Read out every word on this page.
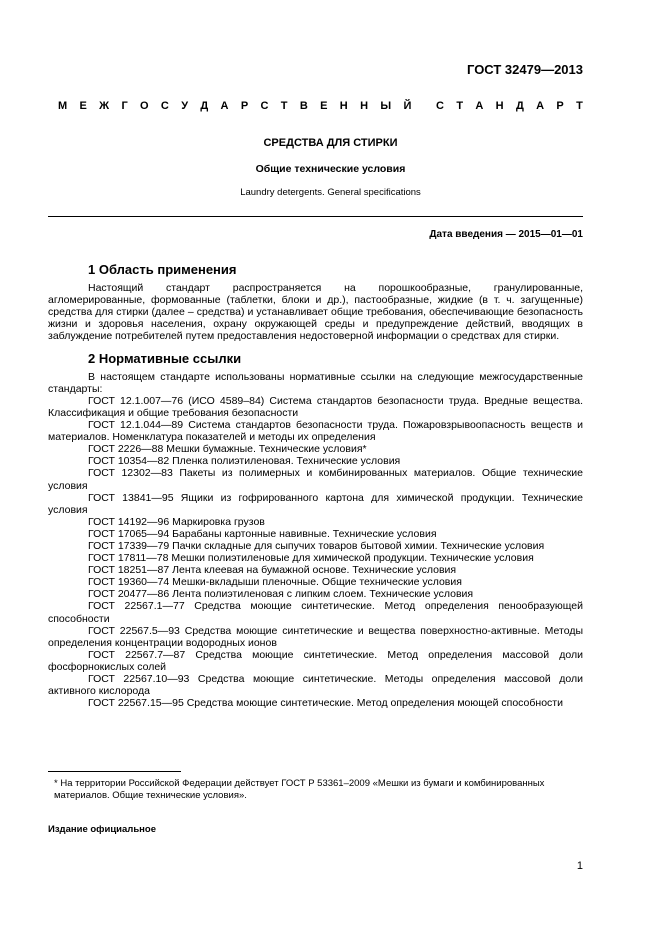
ГОСТ 32479—2013
М Е Ж Г О С У Д А Р С Т В Е Н Н Ы Й С Т А Н Д А Р Т
СРЕДСТВА ДЛЯ СТИРКИ
Общие технические условия
Laundry detergents. General specifications
Дата введения — 2015—01—01
1 Область применения

Настоящий стандарт распространяется на порошкообразные, гранулированные, агломерированные, формованные (таблетки, блоки и др.), пастообразные, жидкие (в т. ч. загущенные) средства для стирки (далее – средства) и устанавливает общие требования, обеспечивающие безопасность жизни и здоровья населения, охрану окружающей среды и предупреждение действий, вводящих в заблуждение потребителей путем предоставления недостоверной информации о средствах для стирки.

2 Нормативные ссылки

В настоящем стандарте использованы нормативные ссылки на следующие межгосударственные стандарты:

ГОСТ 12.1.007—76 (ИСО 4589–84) Система стандартов безопасности труда. Вредные вещества. Классификация и общие требования безопасности

ГОСТ 12.1.044—89 Система стандартов безопасности труда. Пожаровзрывоопасность веществ и материалов. Номенклатура показателей и методы их определения

ГОСТ 2226—88 Мешки бумажные. Технические условия*

ГОСТ 10354—82 Пленка полиэтиленовая. Технические условия

ГОСТ 12302—83 Пакеты из полимерных и комбинированных материалов. Общие технические условия

ГОСТ 13841—95 Ящики из гофрированного картона для химической продукции. Технические условия

ГОСТ 14192—96 Маркировка грузов

ГОСТ 17065—94 Барабаны картонные навивные. Технические условия

ГОСТ 17339—79 Пачки складные для сыпучих товаров бытовой химии. Технические условия

ГОСТ 17811—78 Мешки полиэтиленовые для химической продукции. Технические условия

ГОСТ 18251—87 Лента клеевая на бумажной основе. Технические условия

ГОСТ 19360—74 Мешки-вкладыши пленочные. Общие технические условия

ГОСТ 20477—86 Лента полиэтиленовая с липким слоем. Технические условия

ГОСТ 22567.1—77 Средства моющие синтетические. Метод определения пенообразующей способности

ГОСТ 22567.5—93 Средства моющие синтетические и вещества поверхностно-активные. Методы определения концентрации водородных ионов

ГОСТ 22567.7—87 Средства моющие синтетические. Метод определения массовой доли фосфорнокислых солей

ГОСТ 22567.10—93 Средства моющие синтетические. Методы определения массовой доли активного кислорода

ГОСТ 22567.15—95 Средства моющие синтетические. Метод определения моющей способности

* На территории Российской Федерации действует ГОСТ Р 53361–2009 «Мешки из бумаги и комбинированных материалов. Общие технические условия».
Издание официальное
1
